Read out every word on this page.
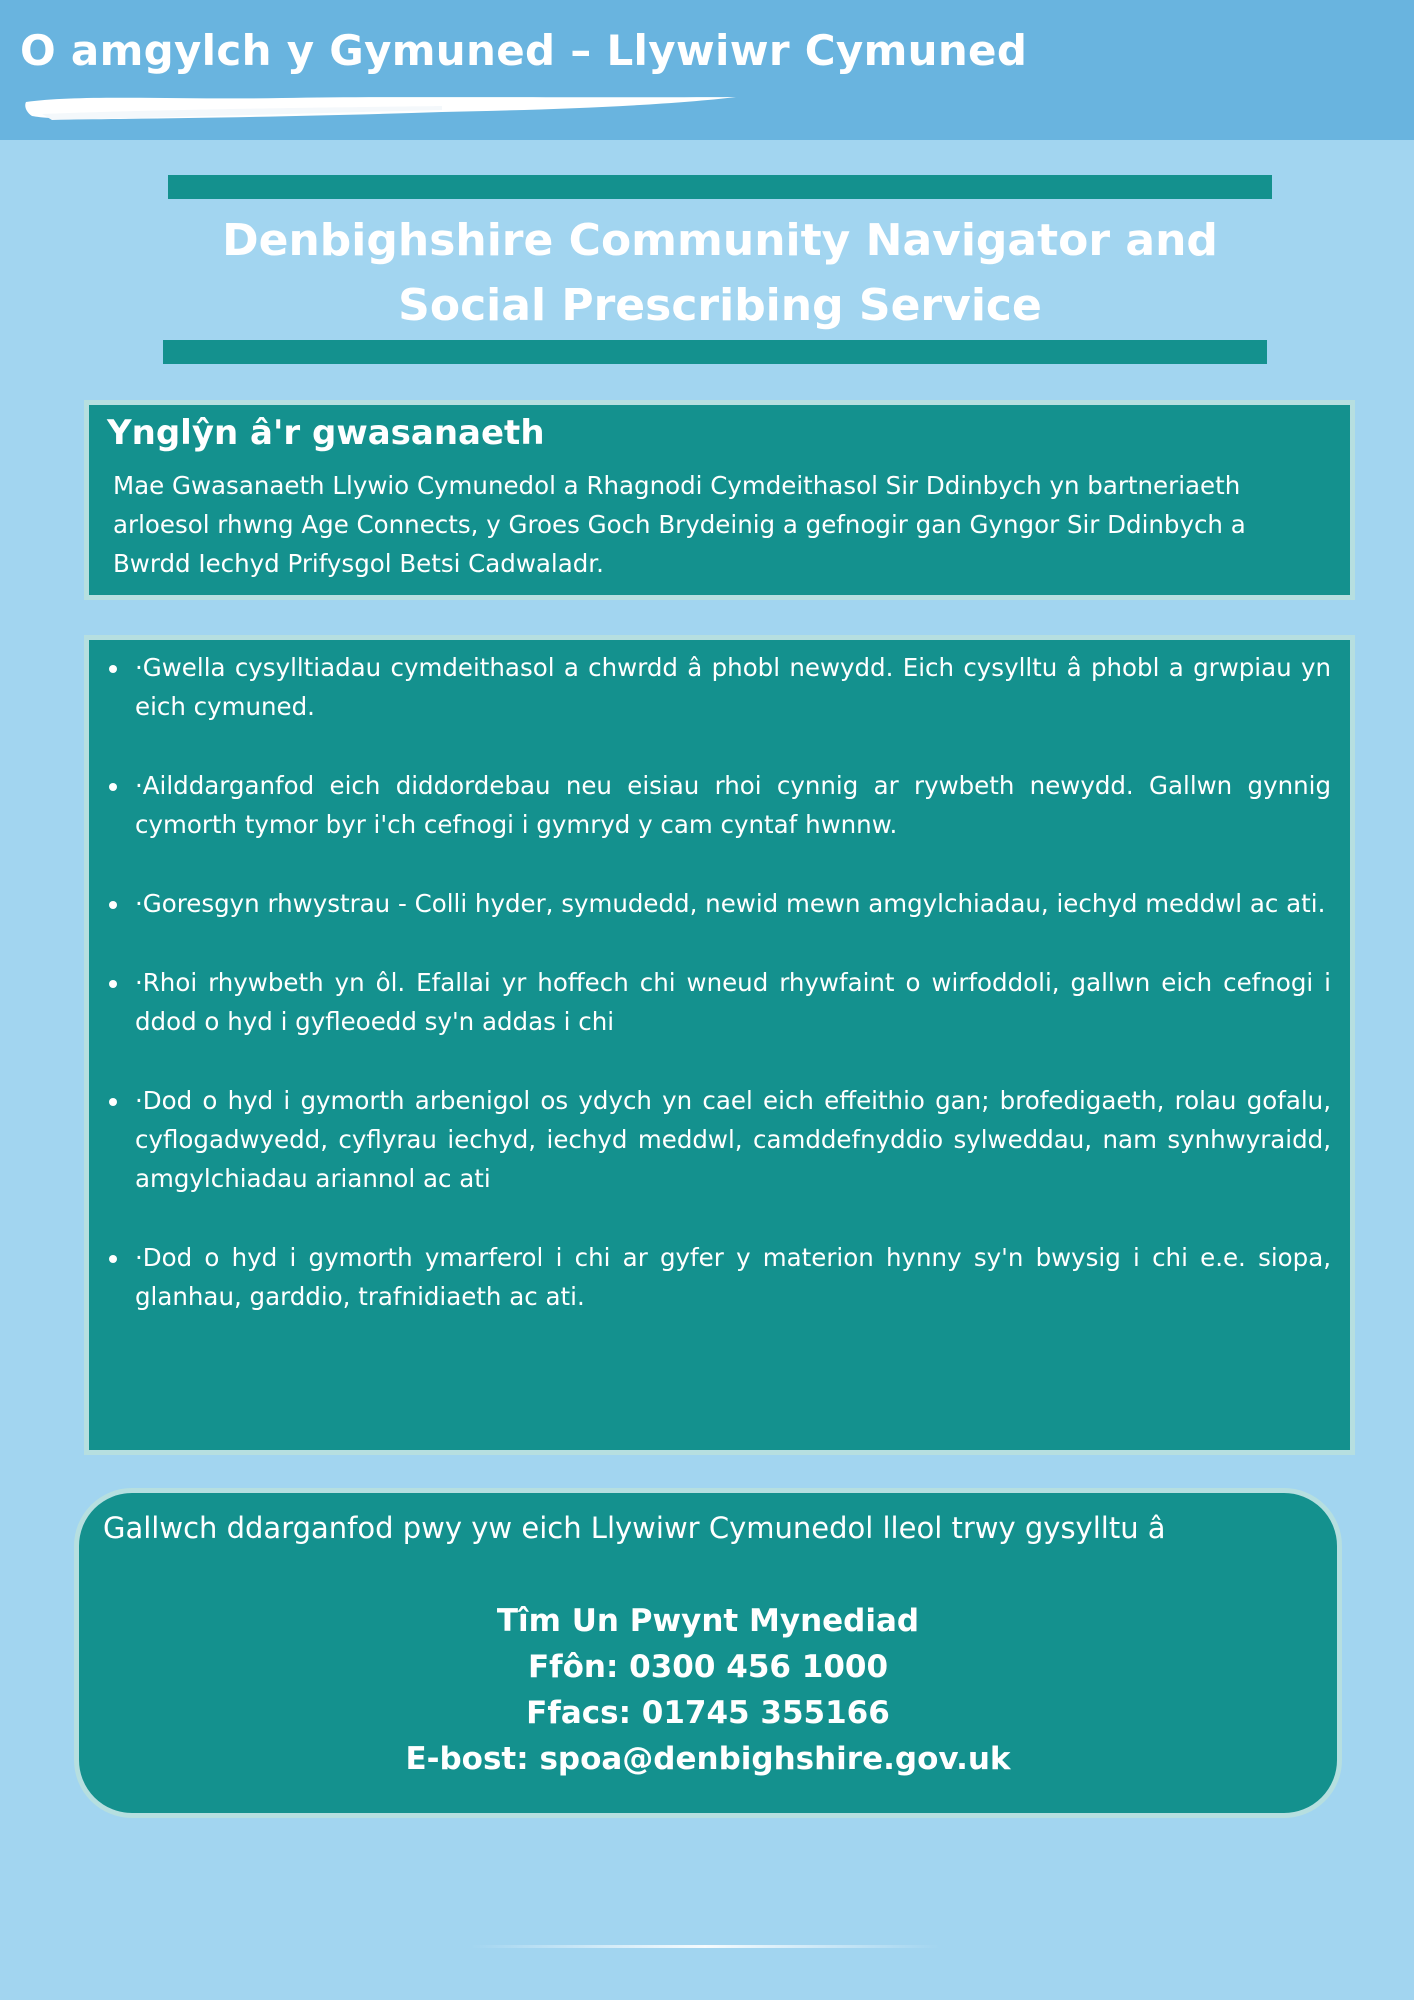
O amgylch y Gymuned – Llywiwr Cymuned
Denbighshire Community Navigator and Social Prescribing Service
Ynglŷn â'r gwasanaeth

Mae Gwasanaeth Llywio Cymunedol a Rhagnodi Cymdeithasol Sir Ddinbych yn bartneriaeth arloesol rhwng Age Connects, y Groes Goch Brydeinig a gefnogir gan Gyngor Sir Ddinbych a Bwrdd Iechyd Prifysgol Betsi Cadwaladr.

• ·Gwella cysylltiadau cymdeithasol a chwrdd â phobl newydd. Eich cysylltu â phobl a grwpiau yn eich cymuned.
• ·Ailddarganfod eich diddordebau neu eisiau rhoi cynnig ar rywbeth newydd. Gallwn gynnig cymorth tymor byr i'ch cefnogi i gymryd y cam cyntaf hwnnw.
• ·Goresgyn rhwystrau - Colli hyder, symudedd, newid mewn amgylchiadau, iechyd meddwl ac ati.
• ·Rhoi rhywbeth yn ôl. Efallai yr hoffech chi wneud rhywfaint o wirfoddoli, gallwn eich cefnogi i ddod o hyd i gyfleoedd sy'n addas i chi
• ·Dod o hyd i gymorth arbenigol os ydych yn cael eich effeithio gan; brofedigaeth, rolau gofalu, cyflogadwyedd, cyflyrau iechyd, iechyd meddwl, camddefnyddio sylweddau, nam synhwyraidd, amgylchiadau ariannol ac ati
• ·Dod o hyd i gymorth ymarferol i chi ar gyfer y materion hynny sy'n bwysig i chi e.e. siopa, glanhau, garddio, trafnidiaeth ac ati.

Gallwch ddarganfod pwy yw eich Llywiwr Cymunedol lleol trwy gysylltu â

Tîm Un Pwynt Mynediad
Ffôn: 0300 456 1000
Ffacs: 01745 355166
E-bost: spoa@denbighshire.gov.uk
